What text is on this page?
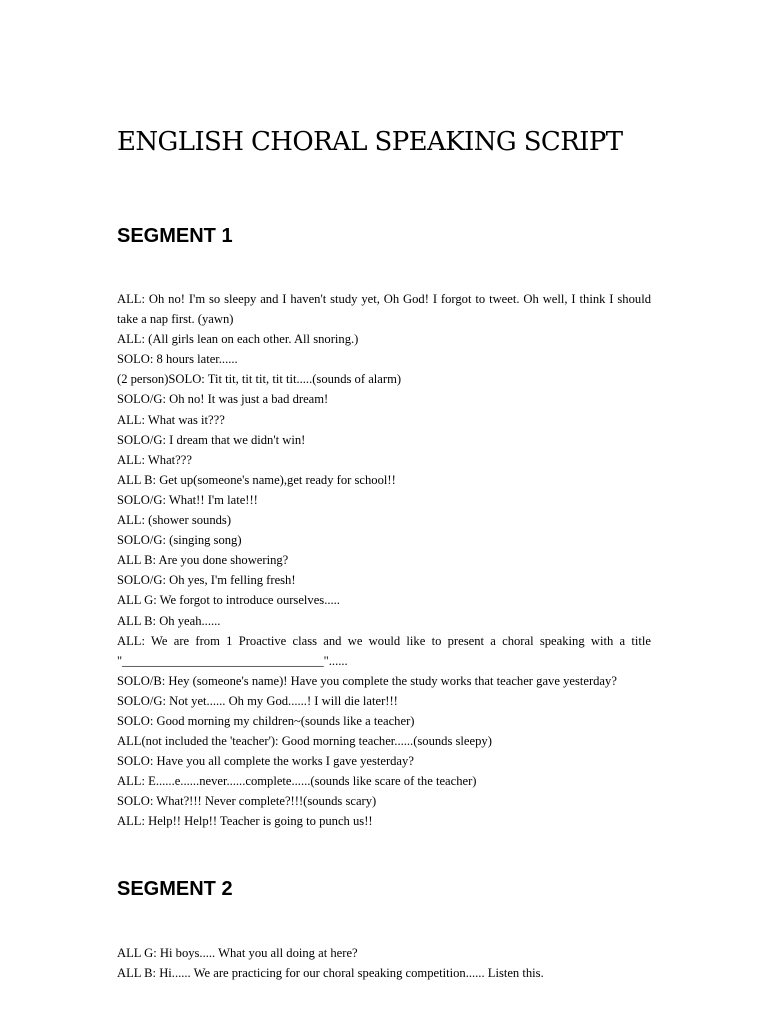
ENGLISH CHORAL SPEAKING SCRIPT
SEGMENT 1
ALL: Oh no! I'm so sleepy and I haven't study yet, Oh God! I forgot to tweet. Oh well, I think I should take a nap first. (yawn)
ALL: (All girls lean on each other. All snoring.)
SOLO: 8 hours later......
(2 person)SOLO: Tit tit, tit tit, tit tit.....(sounds of alarm)
SOLO/G: Oh no! It was just a bad dream!
ALL: What was it???
SOLO/G: I dream that we didn't win!
ALL: What???
ALL B: Get up(someone's name),get ready for school!!
SOLO/G: What!! I'm late!!!
ALL: (shower sounds)
SOLO/G: (singing song)
ALL B: Are you done showering?
SOLO/G: Oh yes, I'm felling fresh!
ALL G: We forgot to introduce ourselves.....
ALL B: Oh yeah......
ALL: We are from 1 Proactive class and we would like to present a choral speaking with a title "________________________________"......
SOLO/B: Hey (someone's name)! Have you complete the study works that teacher gave yesterday?
SOLO/G: Not yet...... Oh my God......! I will die later!!!
SOLO: Good morning my children~(sounds like a teacher)
ALL(not included the 'teacher'): Good morning teacher......(sounds sleepy)
SOLO: Have you all complete the works I gave yesterday?
ALL: E......e......never......complete......(sounds like scare of the teacher)
SOLO: What?!!! Never complete?!!!(sounds scary)
ALL: Help!! Help!! Teacher is going to punch us!!
SEGMENT 2
ALL G: Hi boys..... What you all doing at here?
ALL B: Hi...... We are practicing for our choral speaking competition...... Listen this.
